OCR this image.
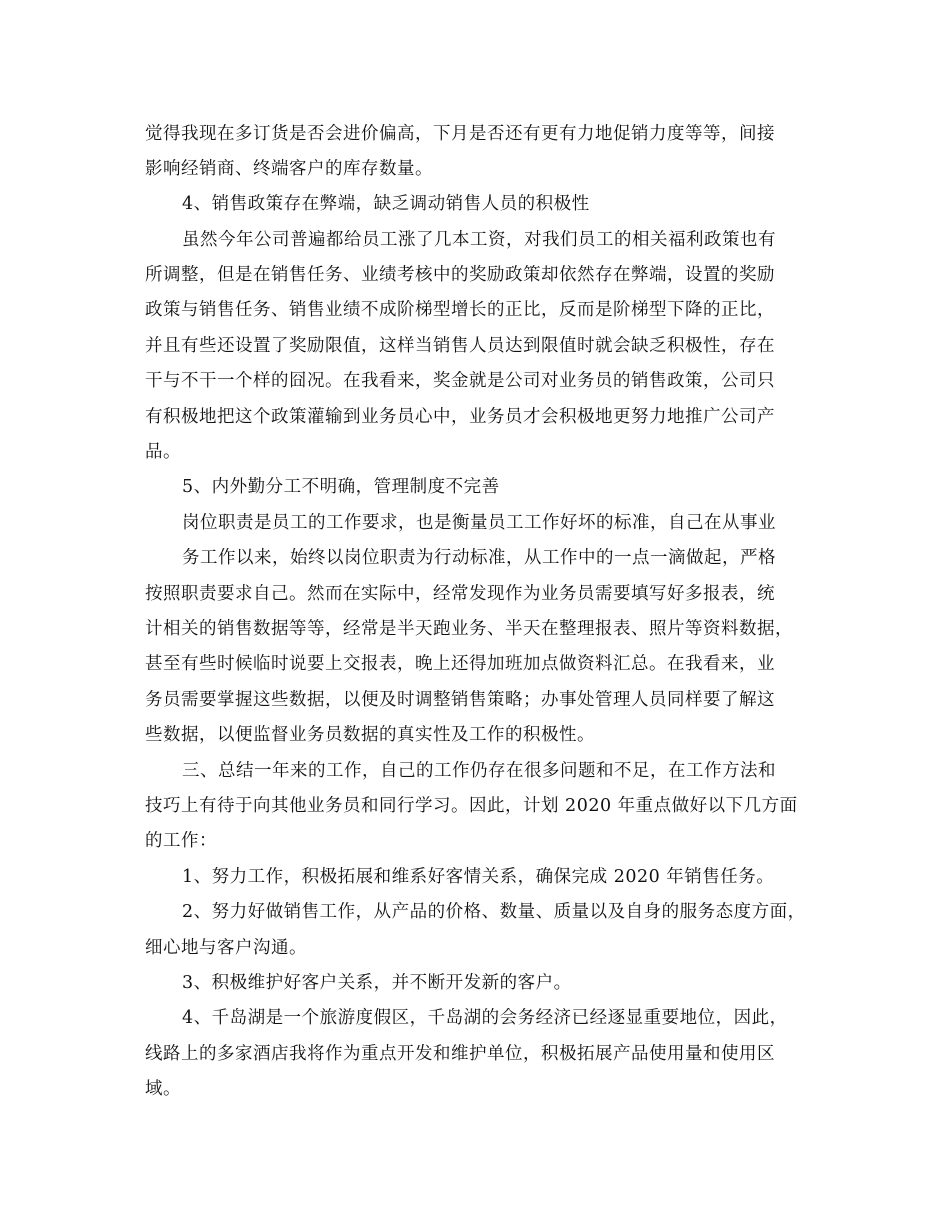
觉得我现在多订货是否会进价偏高，下月是否还有更有力地促销力度等等，间接
影响经销商、终端客户的库存数量。
4、销售政策存在弊端，缺乏调动销售人员的积极性
虽然今年公司普遍都给员工涨了几本工资，对我们员工的相关福利政策也有
所调整，但是在销售任务、业绩考核中的奖励政策却依然存在弊端，设置的奖励
政策与销售任务、销售业绩不成阶梯型增长的正比，反而是阶梯型下降的正比，
并且有些还设置了奖励限值，这样当销售人员达到限值时就会缺乏积极性，存在
干与不干一个样的囧况。在我看来，奖金就是公司对业务员的销售政策，公司只
有积极地把这个政策灌输到业务员心中，业务员才会积极地更努力地推广公司产
品。
5、内外勤分工不明确，管理制度不完善
岗位职责是员工的工作要求，也是衡量员工工作好坏的标准，自己在从事业
务工作以来，始终以岗位职责为行动标准，从工作中的一点一滴做起，严格
按照职责要求自己。然而在实际中，经常发现作为业务员需要填写好多报表，统
计相关的销售数据等等，经常是半天跑业务、半天在整理报表、照片等资料数据，
甚至有些时候临时说要上交报表，晚上还得加班加点做资料汇总。在我看来，业
务员需要掌握这些数据，以便及时调整销售策略；办事处管理人员同样要了解这
些数据，以便监督业务员数据的真实性及工作的积极性。
三、总结一年来的工作，自己的工作仍存在很多问题和不足，在工作方法和
技巧上有待于向其他业务员和同行学习。因此，计划 2020 年重点做好以下几方面
的工作：
1、努力工作，积极拓展和维系好客情关系，确保完成 2020 年销售任务。
2、努力好做销售工作，从产品的价格、数量、质量以及自身的服务态度方面，
细心地与客户沟通。
3、积极维护好客户关系，并不断开发新的客户。
4、千岛湖是一个旅游度假区，千岛湖的会务经济已经逐显重要地位，因此，
线路上的多家酒店我将作为重点开发和维护单位，积极拓展产品使用量和使用区
域。
